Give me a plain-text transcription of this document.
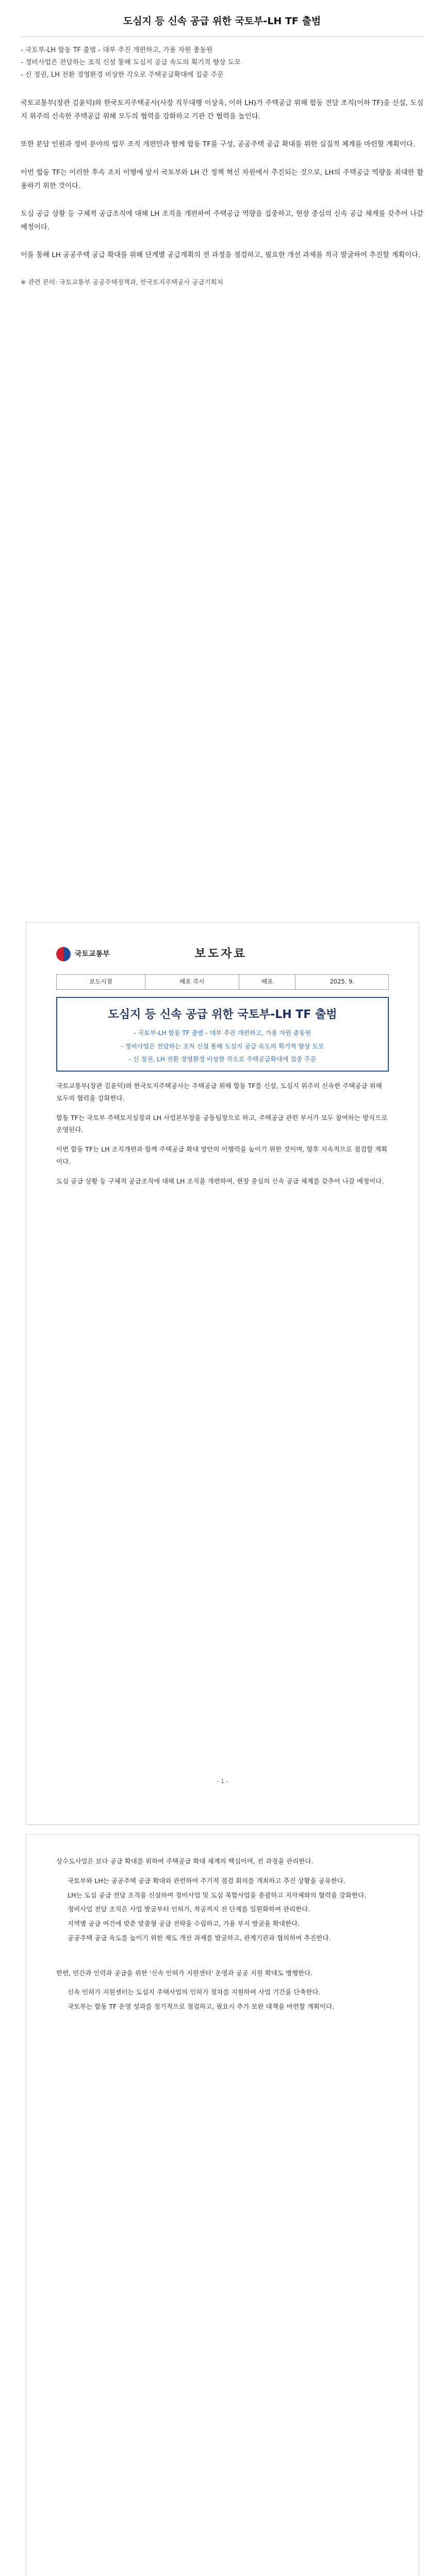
도심지 등 신속 공급 위한 국토부-LH TF 출범
- 국토부-LH 합동 TF 출범 - 대부 추진 개편하고, 가용 자원 총동원
- 정비사업은 전담하는 조직 신설 통해 도심지 공급 속도의 획기적 향상 도모
- 신 정권, LH 전환 경영환경 비상한 각오로 주택공급확대에 집중 주문

국토교통부(장관 김윤덕)와 한국토지주택공사(사장 직무대행 이상욱, 이하 LH)가 주택공급 위해 합동 전담 조직(이하 TF)을 신설, 도심지 위주의 신속한 주택공급 위해 모두의 협력을 강화하고 기관 간 협력을 높인다.

또한 분담 인원과 정비 분야의 업무 조직 개편안과 함께 합동 TF를 구성, 공공주택 공급 확대를 위한 실질적 체계를 마련할 계획이다.

이번 합동 TF는 이러한 후속 조치 이행에 앞서 국토부와 LH 간 정책 혁신 차원에서 추진되는 것으로, LH의 주택공급 역량을 최대한 활용하기 위한 것이다.

도심 공급 상황 등 구체적 공급조직에 대해 LH 조직을 개편하여 주택공급 역량을 집중하고, 현장 중심의 신속 공급 체계를 갖추어 나갈 예정이다.

이를 통해 LH 공공주택 공급 확대를 위해 단계별 공급계획의 전 과정을 점검하고, 필요한 개선 과제를 적극 발굴하여 추진할 계획이다.

※ 관련 문의: 국토교통부 공공주택정책과, 한국토지주택공사 공급기획처
국토교통부	보도자료
보도시점	배포 즉시	배포	2025. 9.
도심지 등 신속 공급 위한 국토부-LH TF 출범
- 국토부-LH 합동 TF 출범 - 대부 추진 개편하고, 가용 자원 총동원
- 정비사업은 전담하는 조직 신설 통해 도심지 공급 속도의 획기적 향상 도모
- 신 정권, LH 전환 경영환경 비상한 각오로 주택공급확대에 집중 주문
국토교통부(장관 김윤덕)와 한국토지주택공사는 주택공급 위해 합동 TF를 신설, 도심지 위주의 신속한 주택공급 위해 모두의 협력을 강화한다.
합동 TF는 국토부 주택토지실장과 LH 사업본부장을 공동팀장으로 하고, 주택공급 관련 부서가 모두 참여하는 방식으로 운영된다.
이번 합동 TF는 LH 조직개편과 함께 주택공급 확대 방안의 이행력을 높이기 위한 것이며, 향후 지속적으로 점검할 계획이다.
도심 공급 상황 등 구체적 공급조직에 대해 LH 조직을 개편하여, 현장 중심의 신속 공급 체계를 갖추어 나갈 예정이다.
- 1 -
상수도사업은 보다 공급 확대를 위하여 주택공급 확대 체계의 핵심이며, 전 과정을 관리한다.
국토부와 LH는 공공주택 공급 확대와 관련하여 주기적 점검 회의를 개최하고 추진 상황을 공유한다.
LH는 도심 공급 전담 조직을 신설하여 정비사업 및 도심 복합사업을 총괄하고 지자체와의 협력을 강화한다.
정비사업 전담 조직은 사업 발굴부터 인허가, 착공까지 전 단계를 일원화하여 관리한다.
지역별 공급 여건에 맞춘 맞춤형 공급 전략을 수립하고, 가용 부지 발굴을 확대한다.
공공주택 공급 속도를 높이기 위한 제도 개선 과제를 발굴하고, 관계기관과 협의하여 추진한다.
한편, 민간과 인력과 공급을 위한 '신속 인허가 지원센터' 운영과 공공 지원 확대도 병행한다.
신속 인허가 지원센터는 도심지 주택사업의 인허가 절차를 지원하여 사업 기간을 단축한다.
국토부는 합동 TF 운영 성과를 정기적으로 점검하고, 필요시 추가 보완 대책을 마련할 계획이다.
